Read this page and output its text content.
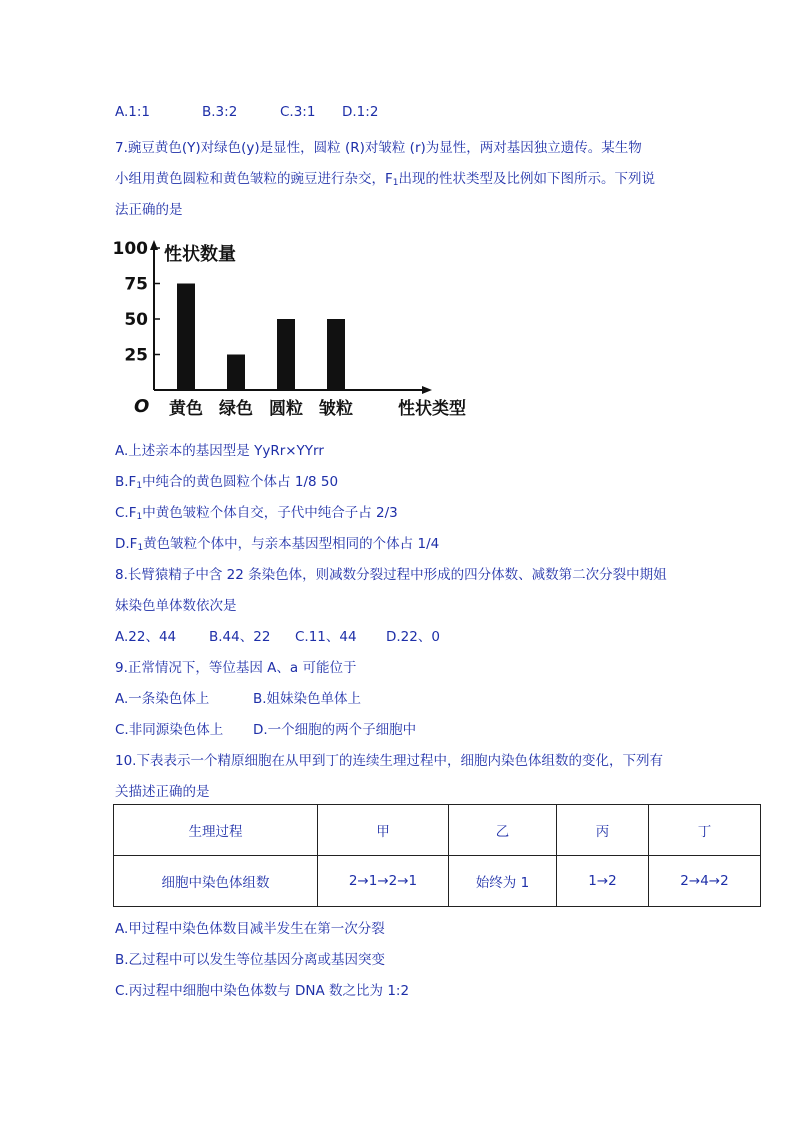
A.1:1	B.3:2	C.3:1 D.1:2
7.豌豆黄色(Y)对绿色(y)是显性，圆粒 (R)对皱粒 (r)为显性，两对基因独立遗传。某生物
小组用黄色圆粒和黄色皱粒的豌豆进行杂交，$F_1$出现的性状类型及比例如下图所示。下列说
法正确的是
25
50
75
100 性状数量
O 黄色 绿色 圆粒 皱粒	性状类型
A.上述亲本的基因型是 YyRr×YYrr
$B.F_1$中纯合的黄色圆粒个体占 1/8 50
$C.F_1$中黄色皱粒个体自交，子代中纯合子占 2/3
$D.F_1$黄色皱粒个体中，与亲本基因型相同的个体占 1/4
8.长臂猿精子中含 22 条染色体，则减数分裂过程中形成的四分体数、减数第二次分裂中期姐
妹染色单体数依次是
A.22、44 B.44、22 C.11、44 D.22、0
9.正常情况下，等位基因 A、a 可能位于
A.一条染色体上	B.姐妹染色单体上
C.非同源染色体上 D.一个细胞的两个子细胞中
10.下表表示一个精原细胞在从甲到丁的连续生理过程中，细胞内染色体组数的变化，下列有
关描述正确的是
生理过程	甲	乙	丙	丁
细胞中染色体组数	2→1→2→1	始终为 1	1→2	2→4→2
A.甲过程中染色体数目减半发生在第一次分裂
B.乙过程中可以发生等位基因分离或基因突变
C.丙过程中细胞中染色体数与 DNA 数之比为 1:2
